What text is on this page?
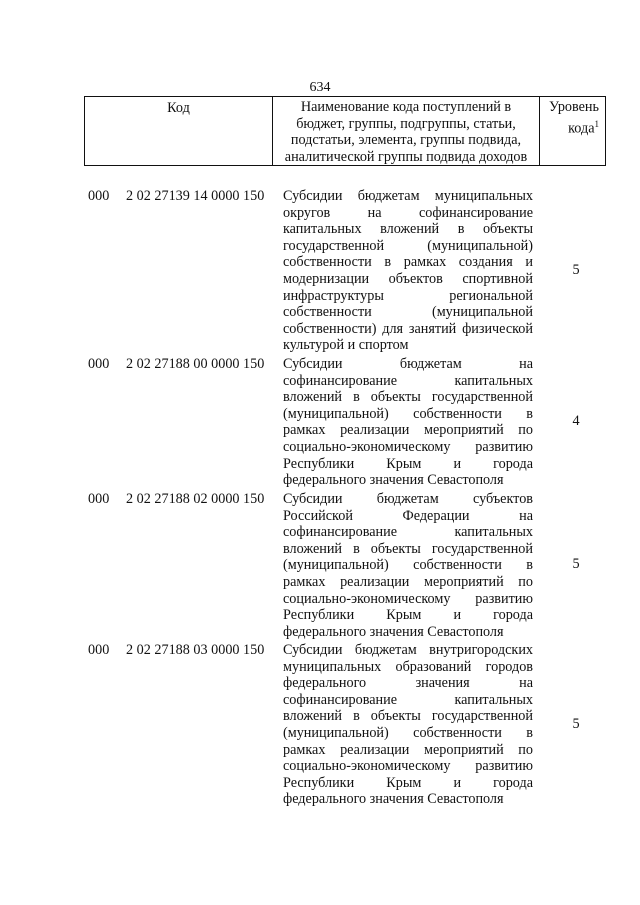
634
Код	Наименование кода поступлений в
бюджет, группы, подгруппы, статьи,
подстатьи, элемента, группы подвида,
аналитической группы подвида доходов
Уровень
кода$^1$
000	2 02 27139 14 0000 150	Субсидии бюджетам муниципальных
округов на софинансирование
капитальных вложений в объекты
государственной (муниципальной)
собственности в рамках создания и
модернизации объектов спортивной
инфраструктуры региональной
собственности (муниципальной
собственности) для занятий физической
культурой и спортом
5
000	2 02 27188 00 0000 150	Субсидии бюджетам на
софинансирование капитальных
вложений в объекты государственной
(муниципальной) собственности в
рамках реализации мероприятий по
социально-экономическому развитию
Республики Крым и города
федерального значения Севастополя
4
000	2 02 27188 02 0000 150	Субсидии бюджетам субъектов
Российской Федерации на
софинансирование капитальных
вложений в объекты государственной
(муниципальной) собственности в
рамках реализации мероприятий по
социально-экономическому развитию
Республики Крым и города
федерального значения Севастополя
5
000	2 02 27188 03 0000 150	Субсидии бюджетам внутригородских
муниципальных образований городов
федерального значения на
софинансирование капитальных
вложений в объекты государственной
(муниципальной) собственности в
рамках реализации мероприятий по
социально-экономическому развитию
Республики Крым и города
федерального значения Севастополя
5
